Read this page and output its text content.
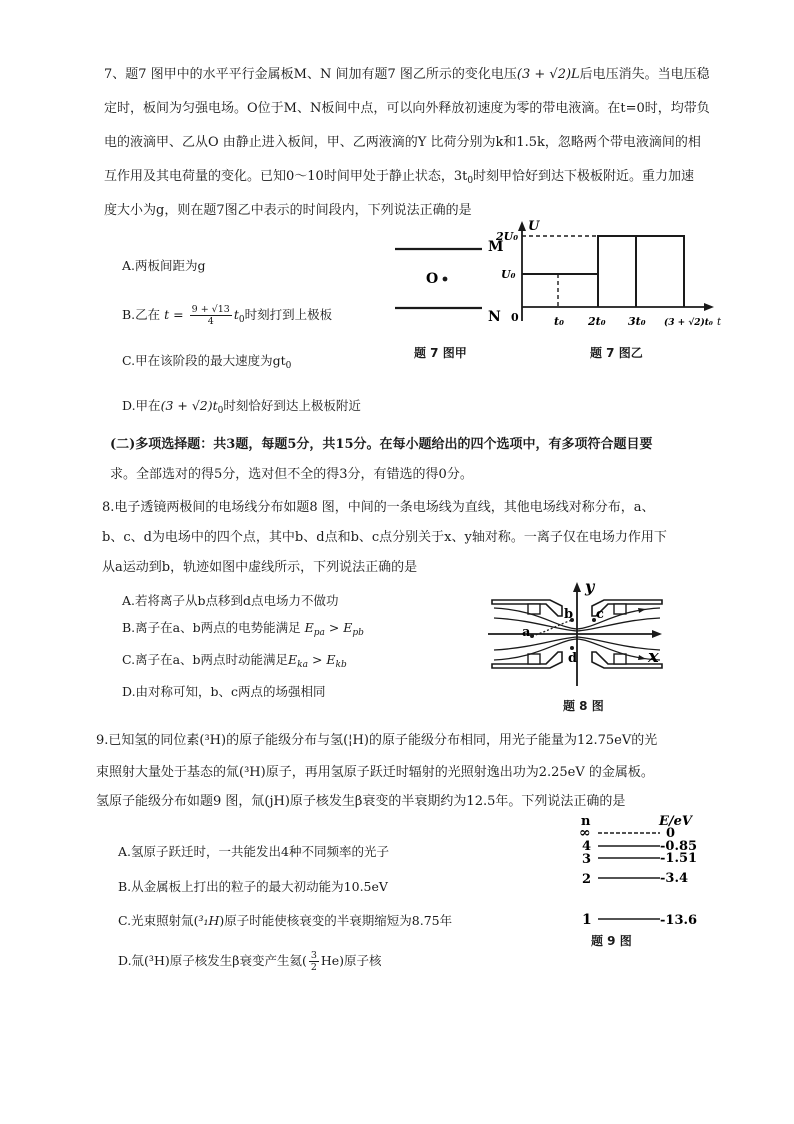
7、题7 图甲中的水平平行金属板M、N 间加有题7 图乙所示的变化电压(3 + √2)L后电压消失。当电压稳
定时，板间为匀强电场。O位于M、N板间中点，可以向外释放初速度为零的带电液滴。在t=0时，均带负
电的液滴甲、乙从O 由静止进入板间，甲、乙两液滴的Y 比荷分别为k和1.5k，忽略两个带电液滴间的相
互作用及其电荷量的变化。已知0～10时间甲处于静止状态，$3t_0$时刻甲恰好到达下极板附近。重力加速
度大小为g，则在题7图乙中表示的时间段内，下列说法正确的是
A.两板间距为g
B.乙在 $t = \frac{9 + √13}{4} t_0$时刻打到上极板
C.甲在该阶段的最大速度为$gt_0$
D.甲在$(3 + √2)t_0$时刻恰好到达上极板附近
M
N
O
题 7 图甲
U
2U₀
U₀
0	t₀ 2t₀ 3t₀ (3 + √2)t₀ t
题 7 图乙
(二)多项选择题：共3题，每题5分，共15分。在每小题给出的四个选项中，有多项符合题目要
求。全部选对的得5分，选对但不全的得3分，有错选的得0分。
8.电子透镜两极间的电场线分布如题8 图，中间的一条电场线为直线，其他电场线对称分布，a、
b、c、d为电场中的四个点，其中b、d点和b、c点分别关于x、y轴对称。一离子仅在电场力作用下
从a运动到b，轨迹如图中虚线所示，下列说法正确的是
A.若将离子从b点移到d点电场力不做功
B.离子在a、b两点的电势能满足 $E_{pa} > E_{pb}$
C.离子在a、b两点时动能满足$E_{ka} > E_{kb}$
D.由对称可知，b、c两点的场强相同
y
x
a
b c
d
题 8 图
9.已知氢的同位素(³H)的原子能级分布与氢(¦H)的原子能级分布相同，用光子能量为12.75eV的光
束照射大量处于基态的氚(³H)原子，再用氢原子跃迁时辐射的光照射逸出功为2.25eV 的金属板。
氢原子能级分布如题9 图，氚(jH)原子核发生β衰变的半衰期约为12.5年。下列说法正确的是
A.氢原子跃迁时，一共能发出4种不同频率的光子
B.从金属板上打出的粒子的最大初动能为10.5eV
C.光束照射氚(³₁H)原子时能使核衰变的半衰期缩短为8.75年
D.氚(³H)原子核发生β衰变产生氦( $\frac{3}{2} He$)原子核
n	E/eV
∞	0
4	-0.85
3	-1.51
2	-3.4
1	-13.6
题 9 图
